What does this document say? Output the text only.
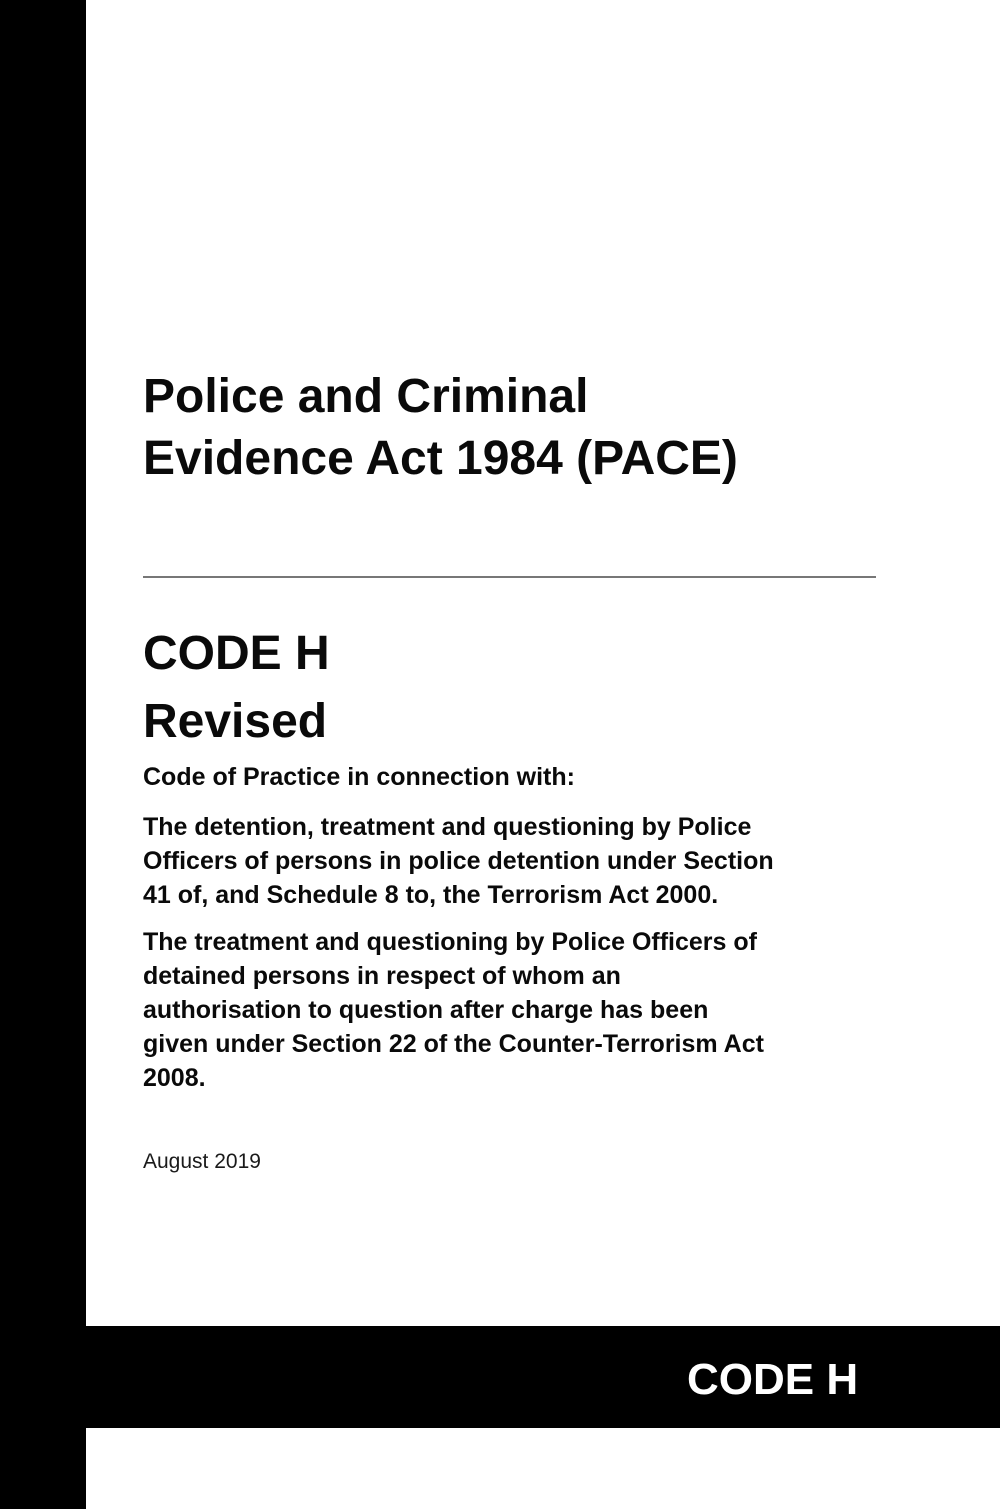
Police and Criminal
Evidence Act 1984 (PACE)
CODE H
Revised

Code of Practice in connection with:

The detention, treatment and questioning by Police
Officers of persons in police detention under Section
41 of, and Schedule 8 to, the Terrorism Act 2000.

The treatment and questioning by Police Officers of
detained persons in respect of whom an
authorisation to question after charge has been
given under Section 22 of the Counter-Terrorism Act
2008.

August 2019

CODE H
